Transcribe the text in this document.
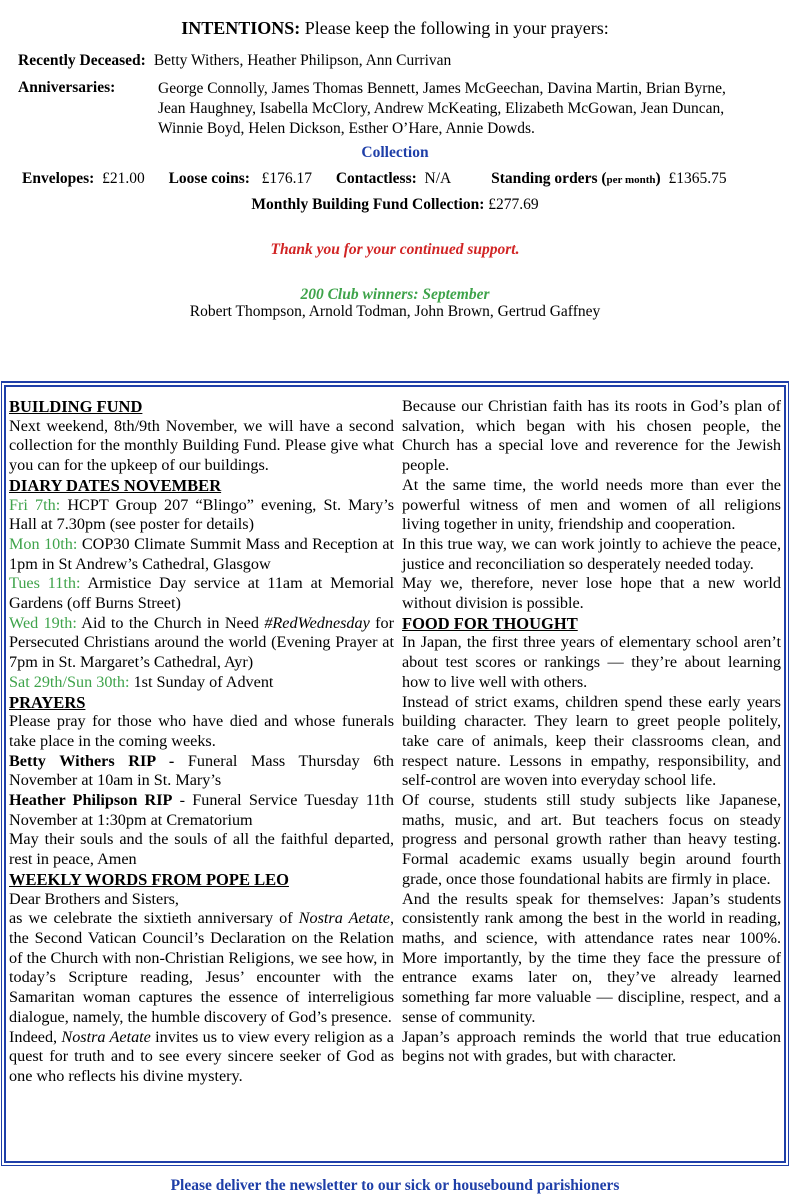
INTENTIONS: Please keep the following in your prayers:
Recently Deceased: Betty Withers, Heather Philipson, Ann Currivan
Anniversaries:	George Connolly, James Thomas Bennett, James McGeechan, Davina Martin, Brian Byrne,
Jean Haughney, Isabella McClory, Andrew McKeating, Elizabeth McGowan, Jean Duncan,
Winnie Boyd, Helen Dickson, Esther O’Hare, Annie Dowds.
Collection
Envelopes: £21.00 Loose coins: £176.17 Contactless: N/A	Standing orders (per month) £1365.75
Monthly Building Fund Collection: £277.69
Thank you for your continued support.
200 Club winners: September
Robert Thompson, Arnold Todman, John Brown, Gertrud Gaffney

BUILDING FUND

Next weekend, 8th/9th November, we will have a second collection for the monthly Building Fund. Please give what you can for the upkeep of our buildings.

DIARY DATES NOVEMBER

Fri 7th: HCPT Group 207 “Blingo” evening, St. Mary’s Hall at 7.30pm (see poster for details)

Mon 10th: COP30 Climate Summit Mass and Reception at 1pm in St Andrew’s Cathedral, Glasgow

Tues 11th: Armistice Day service at 11am at Memorial Gardens (off Burns Street)

Wed 19th: Aid to the Church in Need #RedWednesday for Persecuted Christians around the world (Evening Prayer at 7pm in St. Margaret’s Cathedral, Ayr)

Sat 29th/Sun 30th: 1st Sunday of Advent

PRAYERS

Please pray for those who have died and whose funerals take place in the coming weeks.

Betty Withers RIP - Funeral Mass Thursday 6th November at 10am in St. Mary’s

Heather Philipson RIP - Funeral Service Tuesday 11th November at 1:30pm at Crematorium

May their souls and the souls of all the faithful departed, rest in peace, Amen

WEEKLY WORDS FROM POPE LEO

Dear Brothers and Sisters,

as we celebrate the sixtieth anniversary of Nostra Aetate, the Second Vatican Council’s Declaration on the Relation of the Church with non-Christian Religions, we see how, in today’s Scripture reading, Jesus’ encounter with the Samaritan woman captures the essence of interreligious dialogue, namely, the humble discovery of God’s presence.

Indeed, Nostra Aetate invites us to view every religion as a quest for truth and to see every sincere seeker of God as one who reflects his divine mystery.

Because our Christian faith has its roots in God’s plan of salvation, which began with his chosen people, the Church has a special love and reverence for the Jewish people.

At the same time, the world needs more than ever the powerful witness of men and women of all religions living together in unity, friendship and cooperation.

In this true way, we can work jointly to achieve the peace, justice and reconciliation so desperately needed today.

May we, therefore, never lose hope that a new world without division is possible.

FOOD FOR THOUGHT

In Japan, the first three years of elementary school aren’t about test scores or rankings — they’re about learning how to live well with others.

Instead of strict exams, children spend these early years building character. They learn to greet people politely, take care of animals, keep their classrooms clean, and respect nature. Lessons in empathy, responsibility, and self-control are woven into everyday school life.

Of course, students still study subjects like Japanese, maths, music, and art. But teachers focus on steady progress and personal growth rather than heavy testing. Formal academic exams usually begin around fourth grade, once those foundational habits are firmly in place.

And the results speak for themselves: Japan’s students consistently rank among the best in the world in reading, maths, and science, with attendance rates near 100%. More importantly, by the time they face the pressure of entrance exams later on, they’ve already learned something far more valuable — discipline, respect, and a sense of community.

Japan’s approach reminds the world that true education begins not with grades, but with character.

Please deliver the newsletter to our sick or housebound parishioners
